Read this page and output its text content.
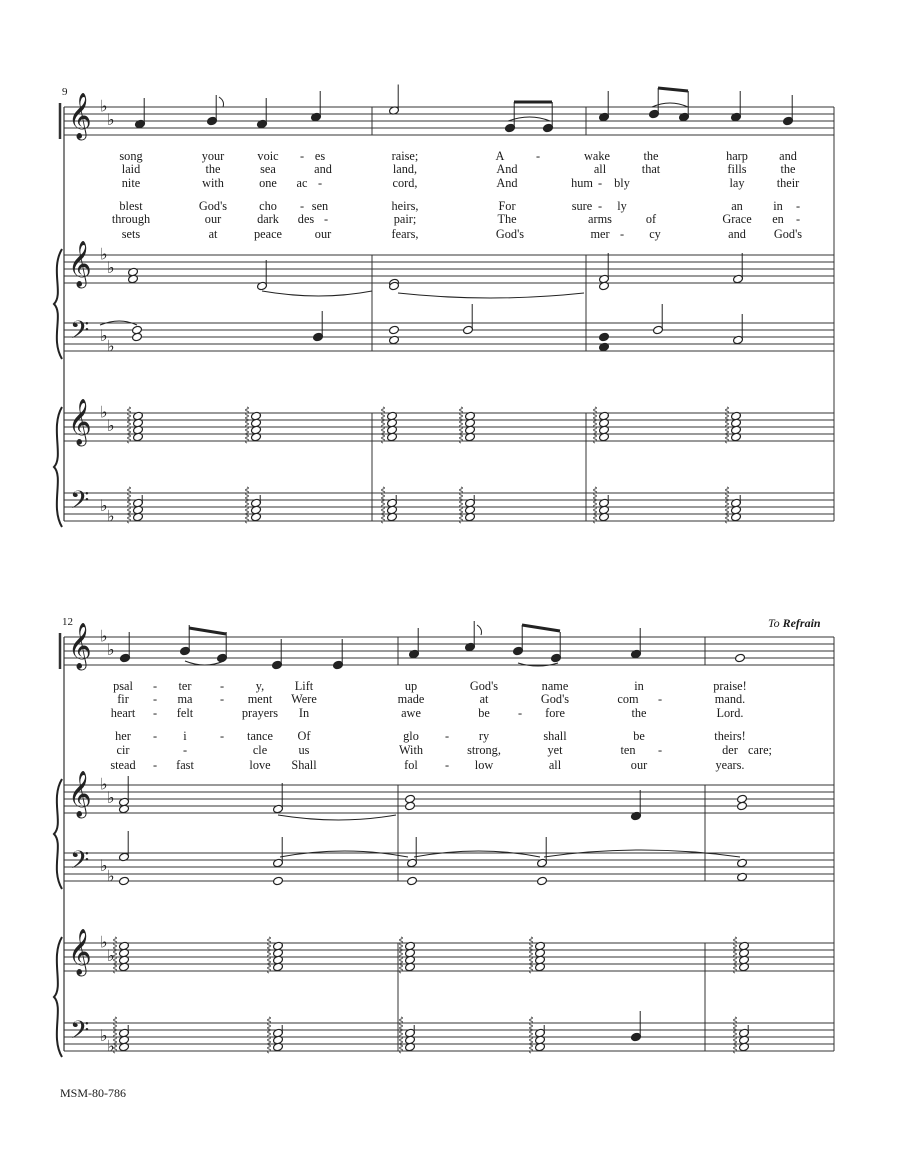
𝄞 ♭
♭
𝄞 ♭
♭
𝄢 ♭
♭
𝄞 ♭
♭
𝄢 ♭
♭
𝄞 ♭
♭
𝄞 ♭
♭
𝄢 ♭
♭
𝄞 ♭
♭
𝄢 ♭
♭
9
12	To Refrain
song	your	voic - es	raise;	A	-	wake	the	harp	and
laid	the	sea	and	land,	And	all	that	fills	the
nite	with	one ac -	cord,	And	hum - bly	lay	their
blest	God's	cho - sen	heirs,	For	sure - ly	an in -
through	our	dark des -	pair;	The	arms	of	Grace en -
sets	at	peace	our	fears,	God's	mer - cy	and God's
psal - ter -	y, Lift	up	God's	name	in	praise!
fir - ma - ment Were	made	at	God's	com -	mand.
heart - felt	prayers In	awe	be - fore	the	Lord.
her - i	- tance Of	glo - ry	shall	be	theirs!
cir	-	cle	us	With	strong,	yet	ten -	der care;
stead - fast	love Shall	fol - low	all	our	years.
MSM-80-786
